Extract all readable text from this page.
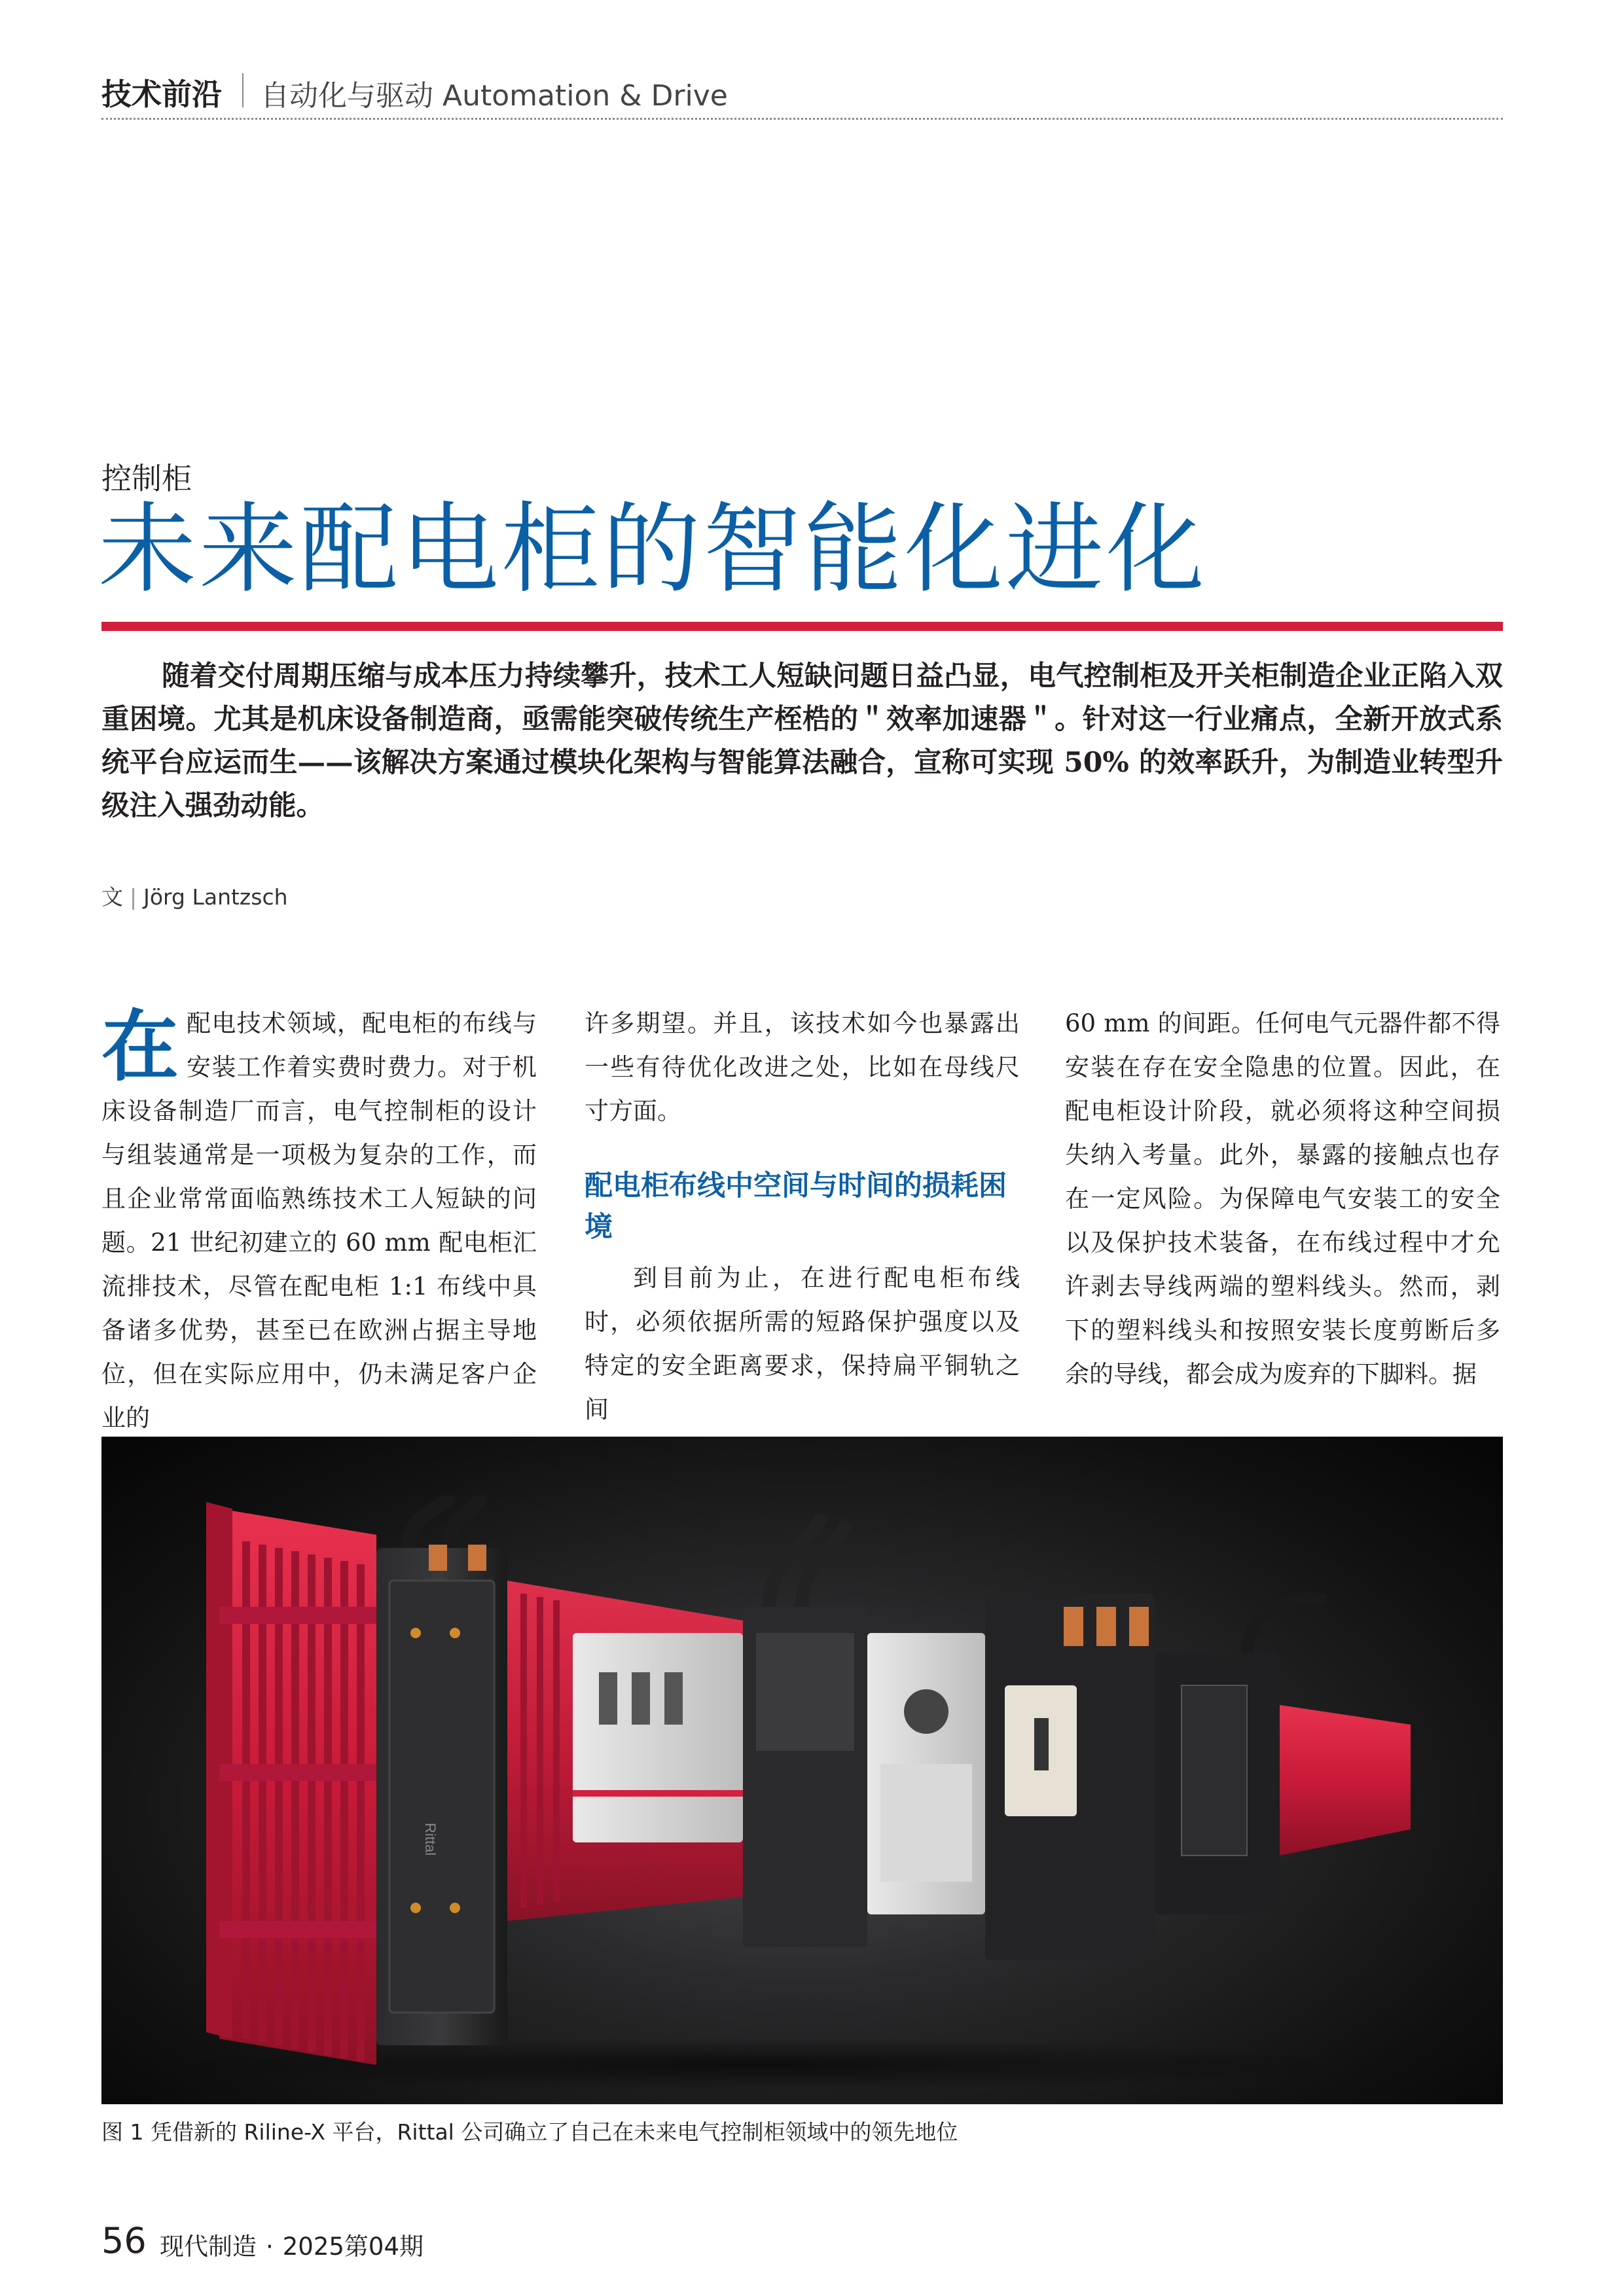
技术前沿 自动化与驱动 Automation & Drive
控制柜
未来配电柜的智能化进化
随着交付周期压缩与成本压力持续攀升，技术工人短缺问题日益凸显，电气控制柜及开关柜制造企业正陷入双重困境。尤其是机床设备制造商，亟需能突破传统生产桎梏的＂效率加速器＂。针对这一行业痛点，全新开放式系统平台应运而生——该解决方案通过模块化架构与智能算法融合，宣称可实现 50% 的效率跃升，为制造业转型升级注入强劲动能。
文 | Jörg Lantzsch

在配电技术领域，配电柜的布线与安装工作着实费时费力。对于机床设备制造厂而言，电气控制柜的设计与组装通常是一项极为复杂的工作，而且企业常常面临熟练技术工人短缺的问题。21 世纪初建立的 60 mm 配电柜汇流排技术，尽管在配电柜 1:1 布线中具备诸多优势，甚至已在欧洲占据主导地位，但在实际应用中，仍未满足客户企业的

许多期望。并且，该技术如今也暴露出一些有待优化改进之处，比如在母线尺寸方面。

配电柜布线中空间与时间的损耗困境

到目前为止，在进行配电柜布线时，必须依据所需的短路保护强度以及特定的安全距离要求，保持扁平铜轨之间

60 mm 的间距。任何电气元器件都不得安装在存在安全隐患的位置。因此，在配电柜设计阶段，就必须将这种空间损失纳入考量。此外，暴露的接触点也存在一定风险。为保障电气安装工的安全以及保护技术装备，在布线过程中才允许剥去导线两端的塑料线头。然而，剥下的塑料线头和按照安装长度剪断后多余的导线，都会成为废弃的下脚料。据

Rittal
图 1 凭借新的 Riline-X 平台，Rittal 公司确立了自己在未来电气控制柜领域中的领先地位
56 现代制造 · 2025第04期
